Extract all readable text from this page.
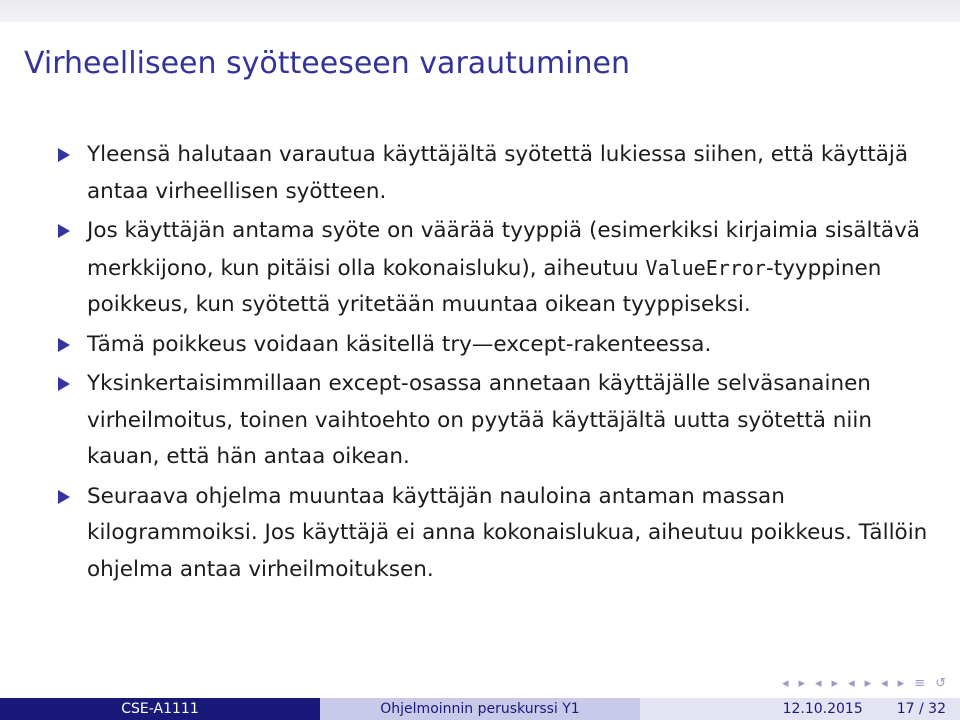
Virheelliseen syötteeseen varautuminen
Yleensä halutaan varautua käyttäjältä syötettä lukiessa siihen, että käyttäjä antaa virheellisen syötteen.
Jos käyttäjän antama syöte on väärää tyyppiä (esimerkiksi kirjaimia sisältävä merkkijono, kun pitäisi olla kokonaisluku), aiheutuu ValueError-tyyppinen poikkeus, kun syötettä yritetään muuntaa oikean tyyppiseksi.
Tämä poikkeus voidaan käsitellä try—except-rakenteessa.
Yksinkertaisimmillaan except-osassa annetaan käyttäjälle selväsanainen virheilmoitus, toinen vaihtoehto on pyytää käyttäjältä uutta syötettä niin kauan, että hän antaa oikean.
Seuraava ohjelma muuntaa käyttäjän nauloina antaman massan kilogrammoiksi. Jos käyttäjä ei anna kokonaislukua, aiheutuu poikkeus. Tällöin ohjelma antaa virheilmoituksen.
◂ ▸ ◂ ▸ ◂ ▸ ◂ ▸ ≡ ↺
CSE-A1111	Ohjelmoinnin peruskurssi Y1	12.10.2015 17 / 32
